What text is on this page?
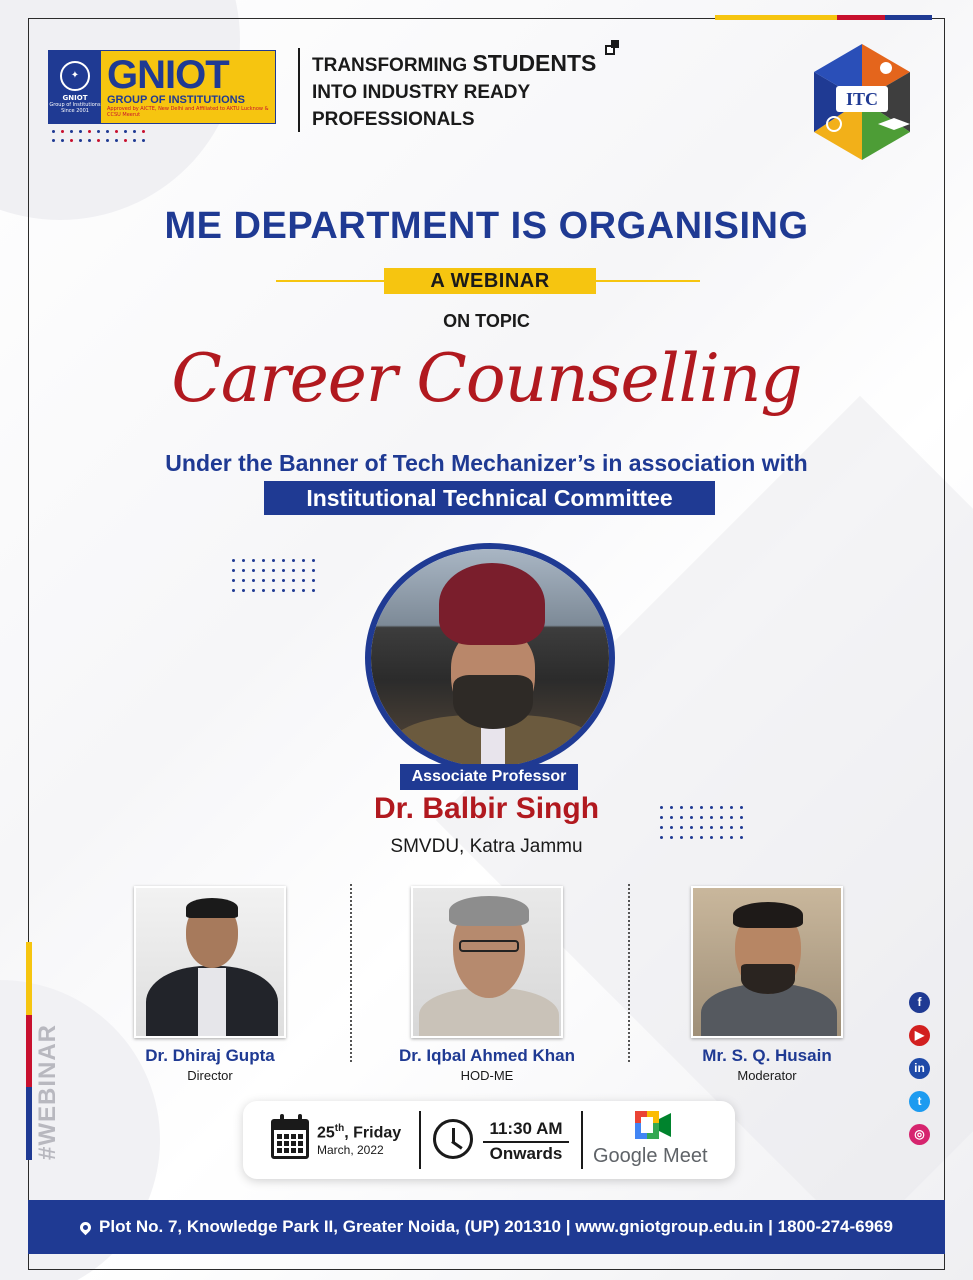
✦
GNIOT
Group of Institutions
Since 2001
GNIOT
GROUP OF INSTITUTIONS
Approved by AICTE, New Delhi and Affiliated to AKTU Lucknow & CCSU Meerut
TRANSFORMING STUDENTS
INTO INDUSTRY READY
PROFESSIONALS
ITC
ME DEPARTMENT IS ORGANISING
A WEBINAR
ON TOPIC
Career Counselling
Under the Banner of Tech Mechanizer’s in association with
Institutional Technical Committee
Associate Professor
Dr. Balbir Singh
SMVDU, Katra Jammu
Dr. Dhiraj Gupta
Director
Dr. Iqbal Ahmed Khan
HOD-ME
Mr. S. Q. Husain
Moderator
#WEBINAR
f
▶
in
t
◎
25th, Friday
March, 2022
11:30 AM
Onwards	Google Meet
Plot No. 7, Knowledge Park II, Greater Noida, (UP) 201310 | www.gniotgroup.edu.in | 1800-274-6969
